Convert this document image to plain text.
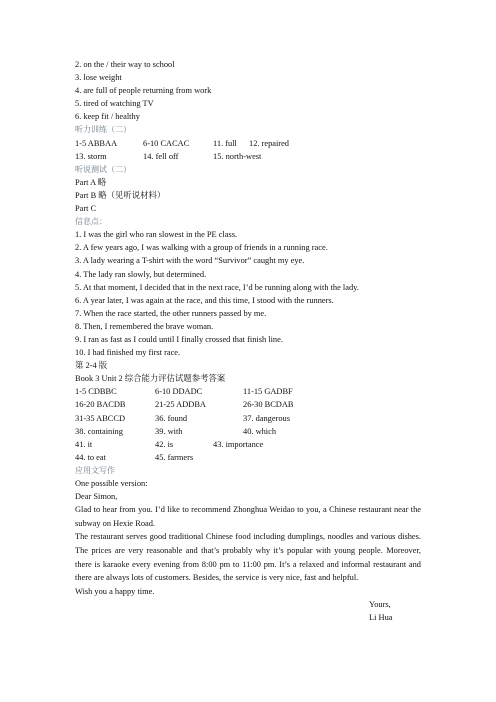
2. on the / their way to school
3. lose weight
4. are full of people returning from work
5. tired of watching TV
6. keep fit / healthy
听力训练（二）
1-5 ABBAA	6-10 CACAC	11. full	12. repaired
13. storm	14. fell off	15. north-west
听说测试（二）
Part A 略
Part B 略（见听说材料）
Part C
信息点：
1. I was the girl who ran slowest in the PE class.
2. A few years ago, I was walking with a group of friends in a running race.
3. A lady wearing a T-shirt with the word “Survivor” caught my eye.
4. The lady ran slowly, but determined.
5. At that moment, I decided that in the next race, I’d be running along with the lady.
6. A year later, I was again at the race, and this time, I stood with the runners.
7. When the race started, the other runners passed by me.
8. Then, I remembered the brave woman.
9. I ran as fast as I could until I finally crossed that finish line.
10. I had finished my first race.
第 2-4 版
Book 3 Unit 2 综合能力评估试题参考答案
1-5 CDBBC	6-10 DDADC	11-15 GADBF
16-20 BACDB	21-25 ADDBA	26-30 BCDAB
31-35 ABCCD	36. found	37. dangerous
38. containing	39. with	40. which
41. it	42. is	43. importance
44. to eat	45. farmers
应用文写作
One possible version:
Dear Simon,

Glad to hear from you. I’d like to recommend Zhonghua Weidao to you, a Chinese restaurant near the subway on Hexie Road.

The restaurant serves good traditional Chinese food including dumplings, noodles and various dishes. The prices are very reasonable and that’s probably why it’s popular with young people. Moreover, there is karaoke every evening from 8:00 pm to 11:00 pm. It’s a relaxed and informal restaurant and there are always lots of customers. Besides, the service is very nice, fast and helpful.

Wish you a happy time.
Yours,
Li Hua
